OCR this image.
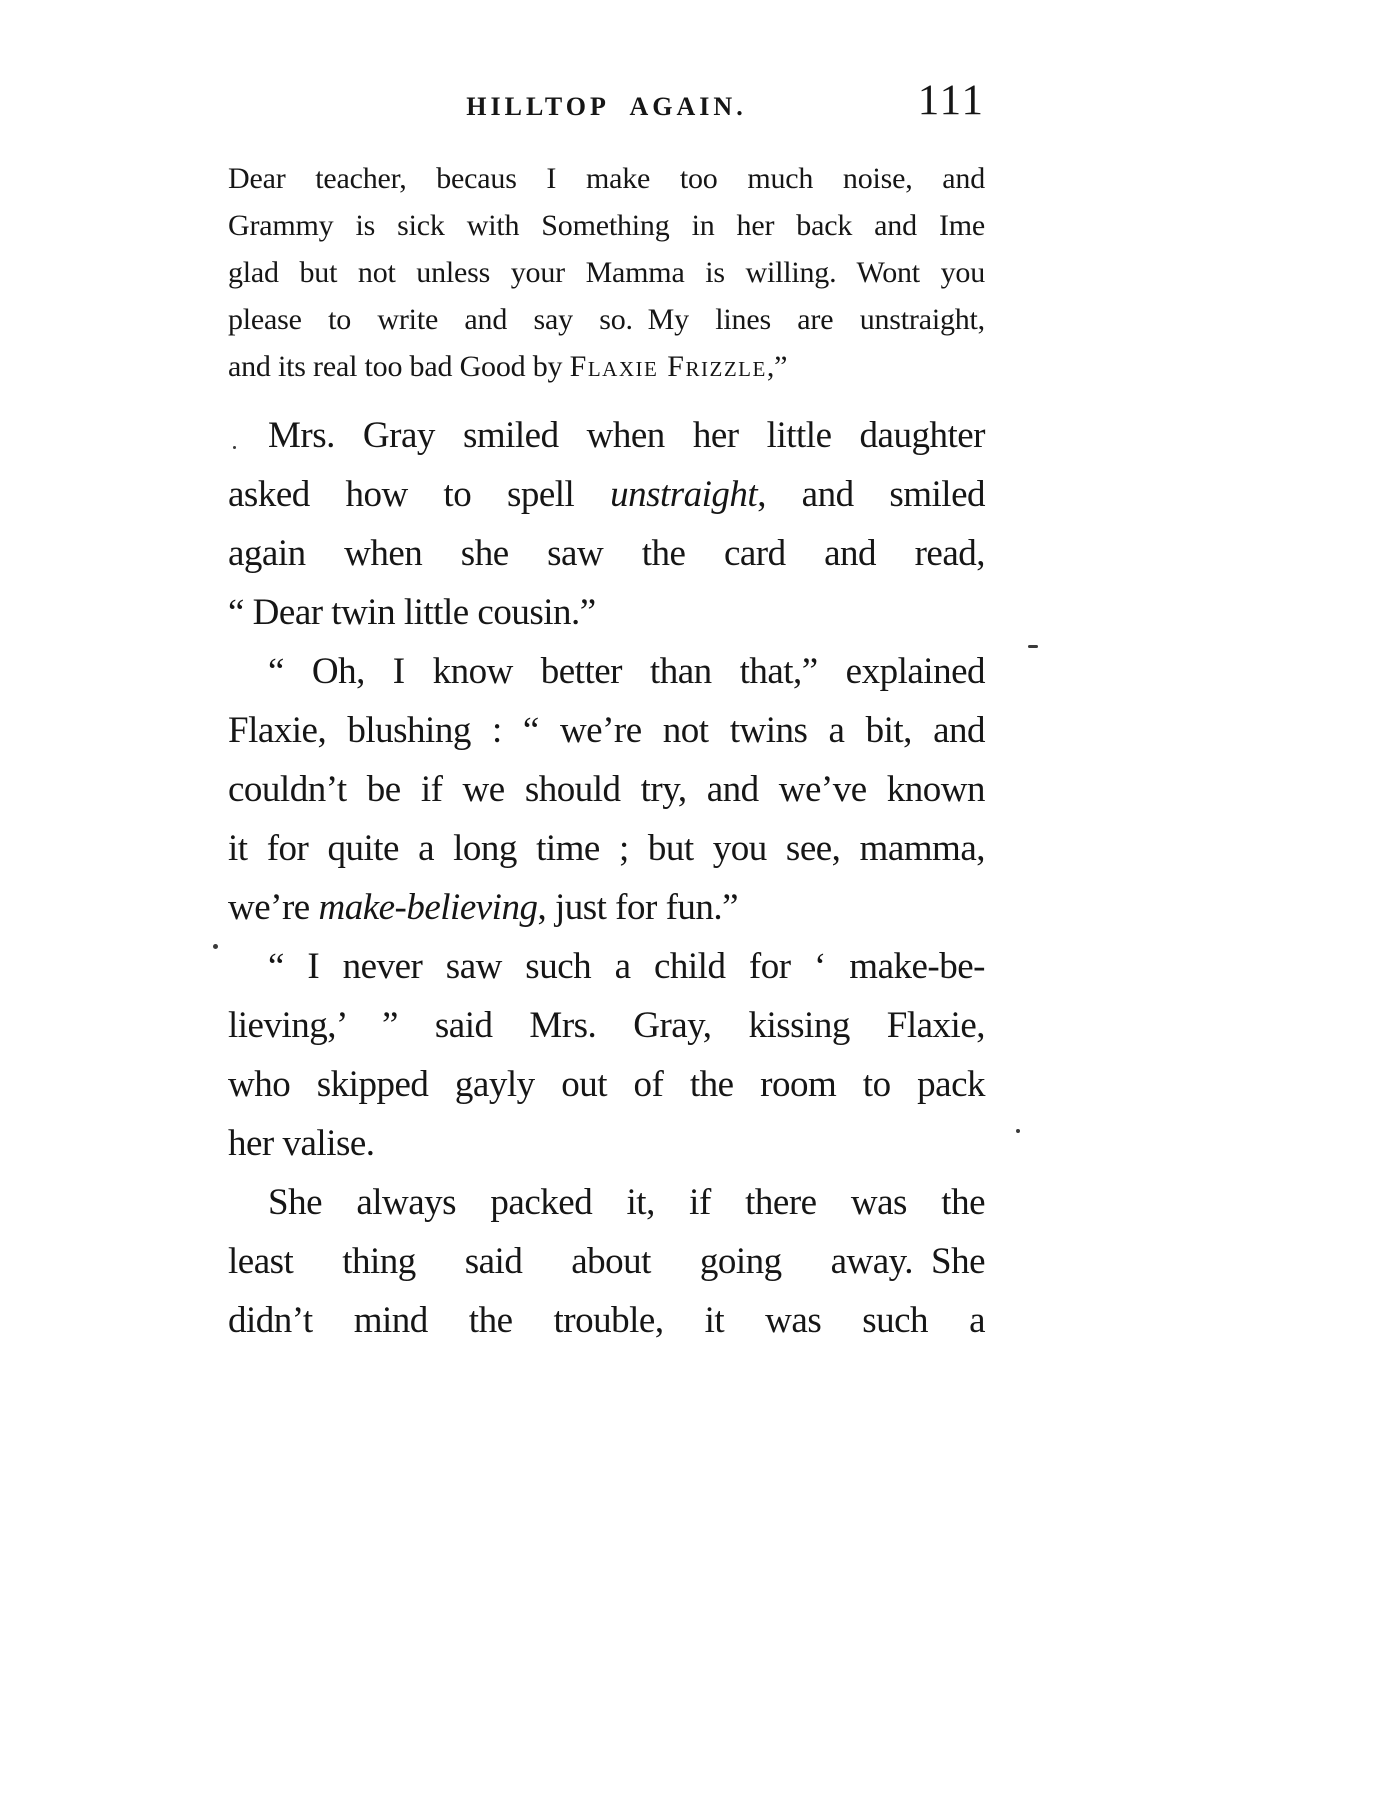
HILLTOP AGAIN.	111
Dear teacher, becaus I make too much noise, and
Grammy is sick with Something in her back and Ime
glad but not unless your Mamma is willing. Wont you
please to write and say so. My lines are unstraight,
and its real too bad Good by Flaxie Frizzle,”
Mrs. Gray smiled when her little daughter
asked how to spell unstraight, and smiled
again when she saw the card and read,
“ Dear twin little cousin.”
“ Oh, I know better than that,” explained
Flaxie, blushing : “ we’re not twins a bit, and
couldn’t be if we should try, and we’ve known
it for quite a long time ; but you see, mamma,
we’re make-believing, just for fun.”
“ I never saw such a child for ‘ make-be-
lieving,’ ” said Mrs. Gray, kissing Flaxie,
who skipped gayly out of the room to pack
her valise.
She always packed it, if there was the
least thing said about going away. She
didn’t mind the trouble, it was such a
